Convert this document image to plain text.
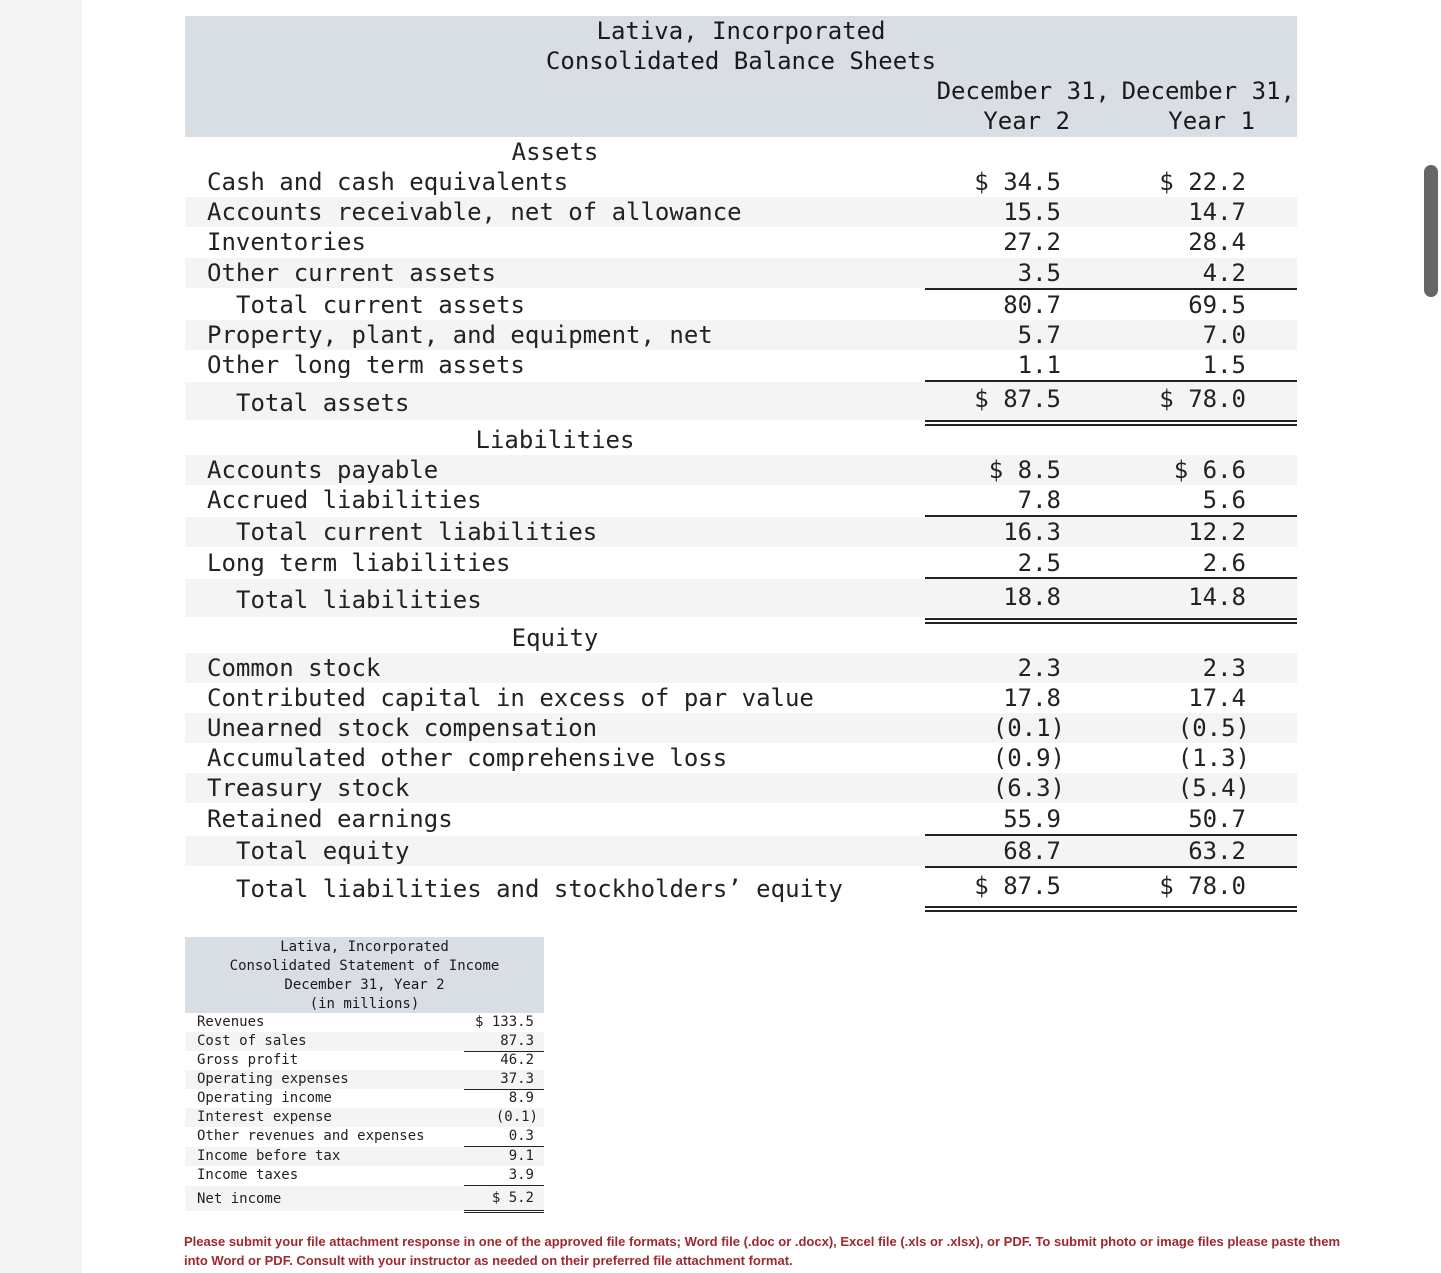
Lativa, Incorporated
Consolidated Balance Sheets
December 31,
Year 2
December 31,
Year 1
Assets
Cash and cash equivalents	$ 34.5	$ 22.2
Accounts receivable, net of allowance	15.5	14.7
Inventories	27.2	28.4
Other current assets	3.5	4.2
Total current assets	80.7	69.5
Property, plant, and equipment, net	5.7	7.0
Other long term assets	1.1	1.5
Total assets	$ 87.5	$ 78.0
Liabilities
Accounts payable	$ 8.5	$ 6.6
Accrued liabilities	7.8	5.6
Total current liabilities	16.3	12.2
Long term liabilities	2.5	2.6
Total liabilities	18.8	14.8
Equity
Common stock	2.3	2.3
Contributed capital in excess of par value	17.8	17.4
Unearned stock compensation	(0.1)	(0.5)
Accumulated other comprehensive loss	(0.9)	(1.3)
Treasury stock	(6.3)	(5.4)
Retained earnings	55.9	50.7
Total equity	68.7	63.2
Total liabilities and stockholders’ equity	$ 87.5	$ 78.0
Lativa, Incorporated
Consolidated Statement of Income
December 31, Year 2
(in millions)
Revenues	$ 133.5
Cost of sales	87.3
Gross profit	46.2
Operating expenses	37.3
Operating income	8.9
Interest expense	(0.1)
Other revenues and expenses	0.3
Income before tax	9.1
Income taxes	3.9
Net income	$ 5.2
Please submit your file attachment response in one of the approved file formats; Word file (.doc or .docx), Excel file (.xls or .xlsx), or PDF. To submit photo or image files please paste them into Word or PDF. Consult with your instructor as needed on their preferred file attachment format.
